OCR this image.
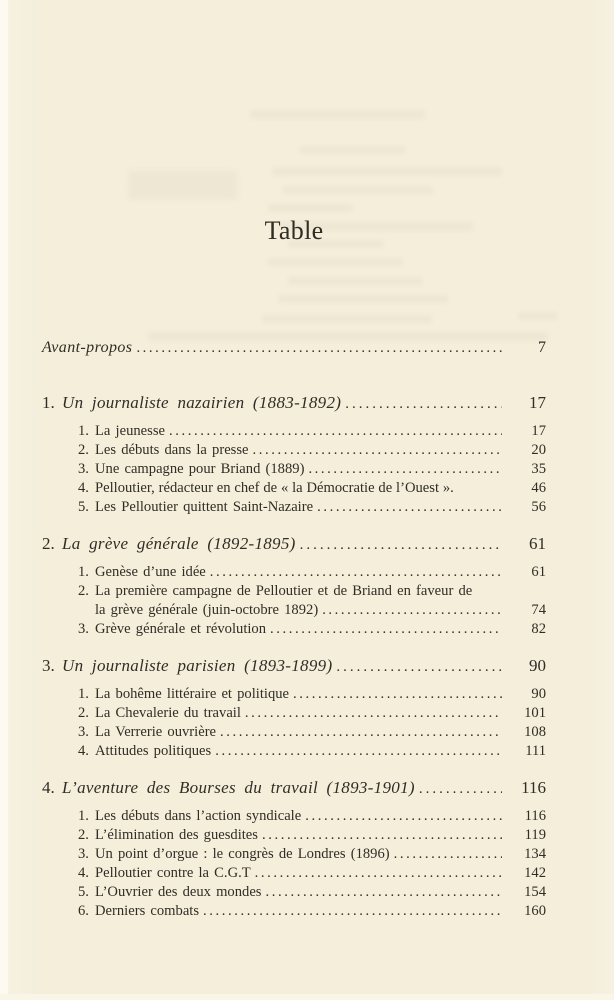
Table
Avant-propos .....	7
1. Un journaliste nazairien (1883-1892) .....	17
1. La jeunesse .....	17
2. Les débuts dans la presse .....	20
3. Une campagne pour Briand (1889) .....	35
4. Pelloutier, rédacteur en chef de « la Démocratie de l’Ouest ».	46
5. Les Pelloutier quittent Saint-Nazaire .....	56
2. La grève générale (1892-1895) .....	61
1. Genèse d’une idée .....	61
2. La première campagne de Pelloutier et de Briand en faveur de
la grève générale (juin-octobre 1892) .....	74
3. Grève générale et révolution .....	82
3. Un journaliste parisien (1893-1899) .....	90
1. La bohême littéraire et politique .....	90
2. La Chevalerie du travail .....	101
3. La Verrerie ouvrière .....	108
4. Attitudes politiques .....	111
4. L’aventure des Bourses du travail (1893-1901) .....	116
1. Les débuts dans l’action syndicale .....	116
2. L’élimination des guesdites .....	119
3. Un point d’orgue : le congrès de Londres (1896) .....	134
4. Pelloutier contre la C.G.T .....	142
5. L’Ouvrier des deux mondes .....	154
6. Derniers combats .....	160
